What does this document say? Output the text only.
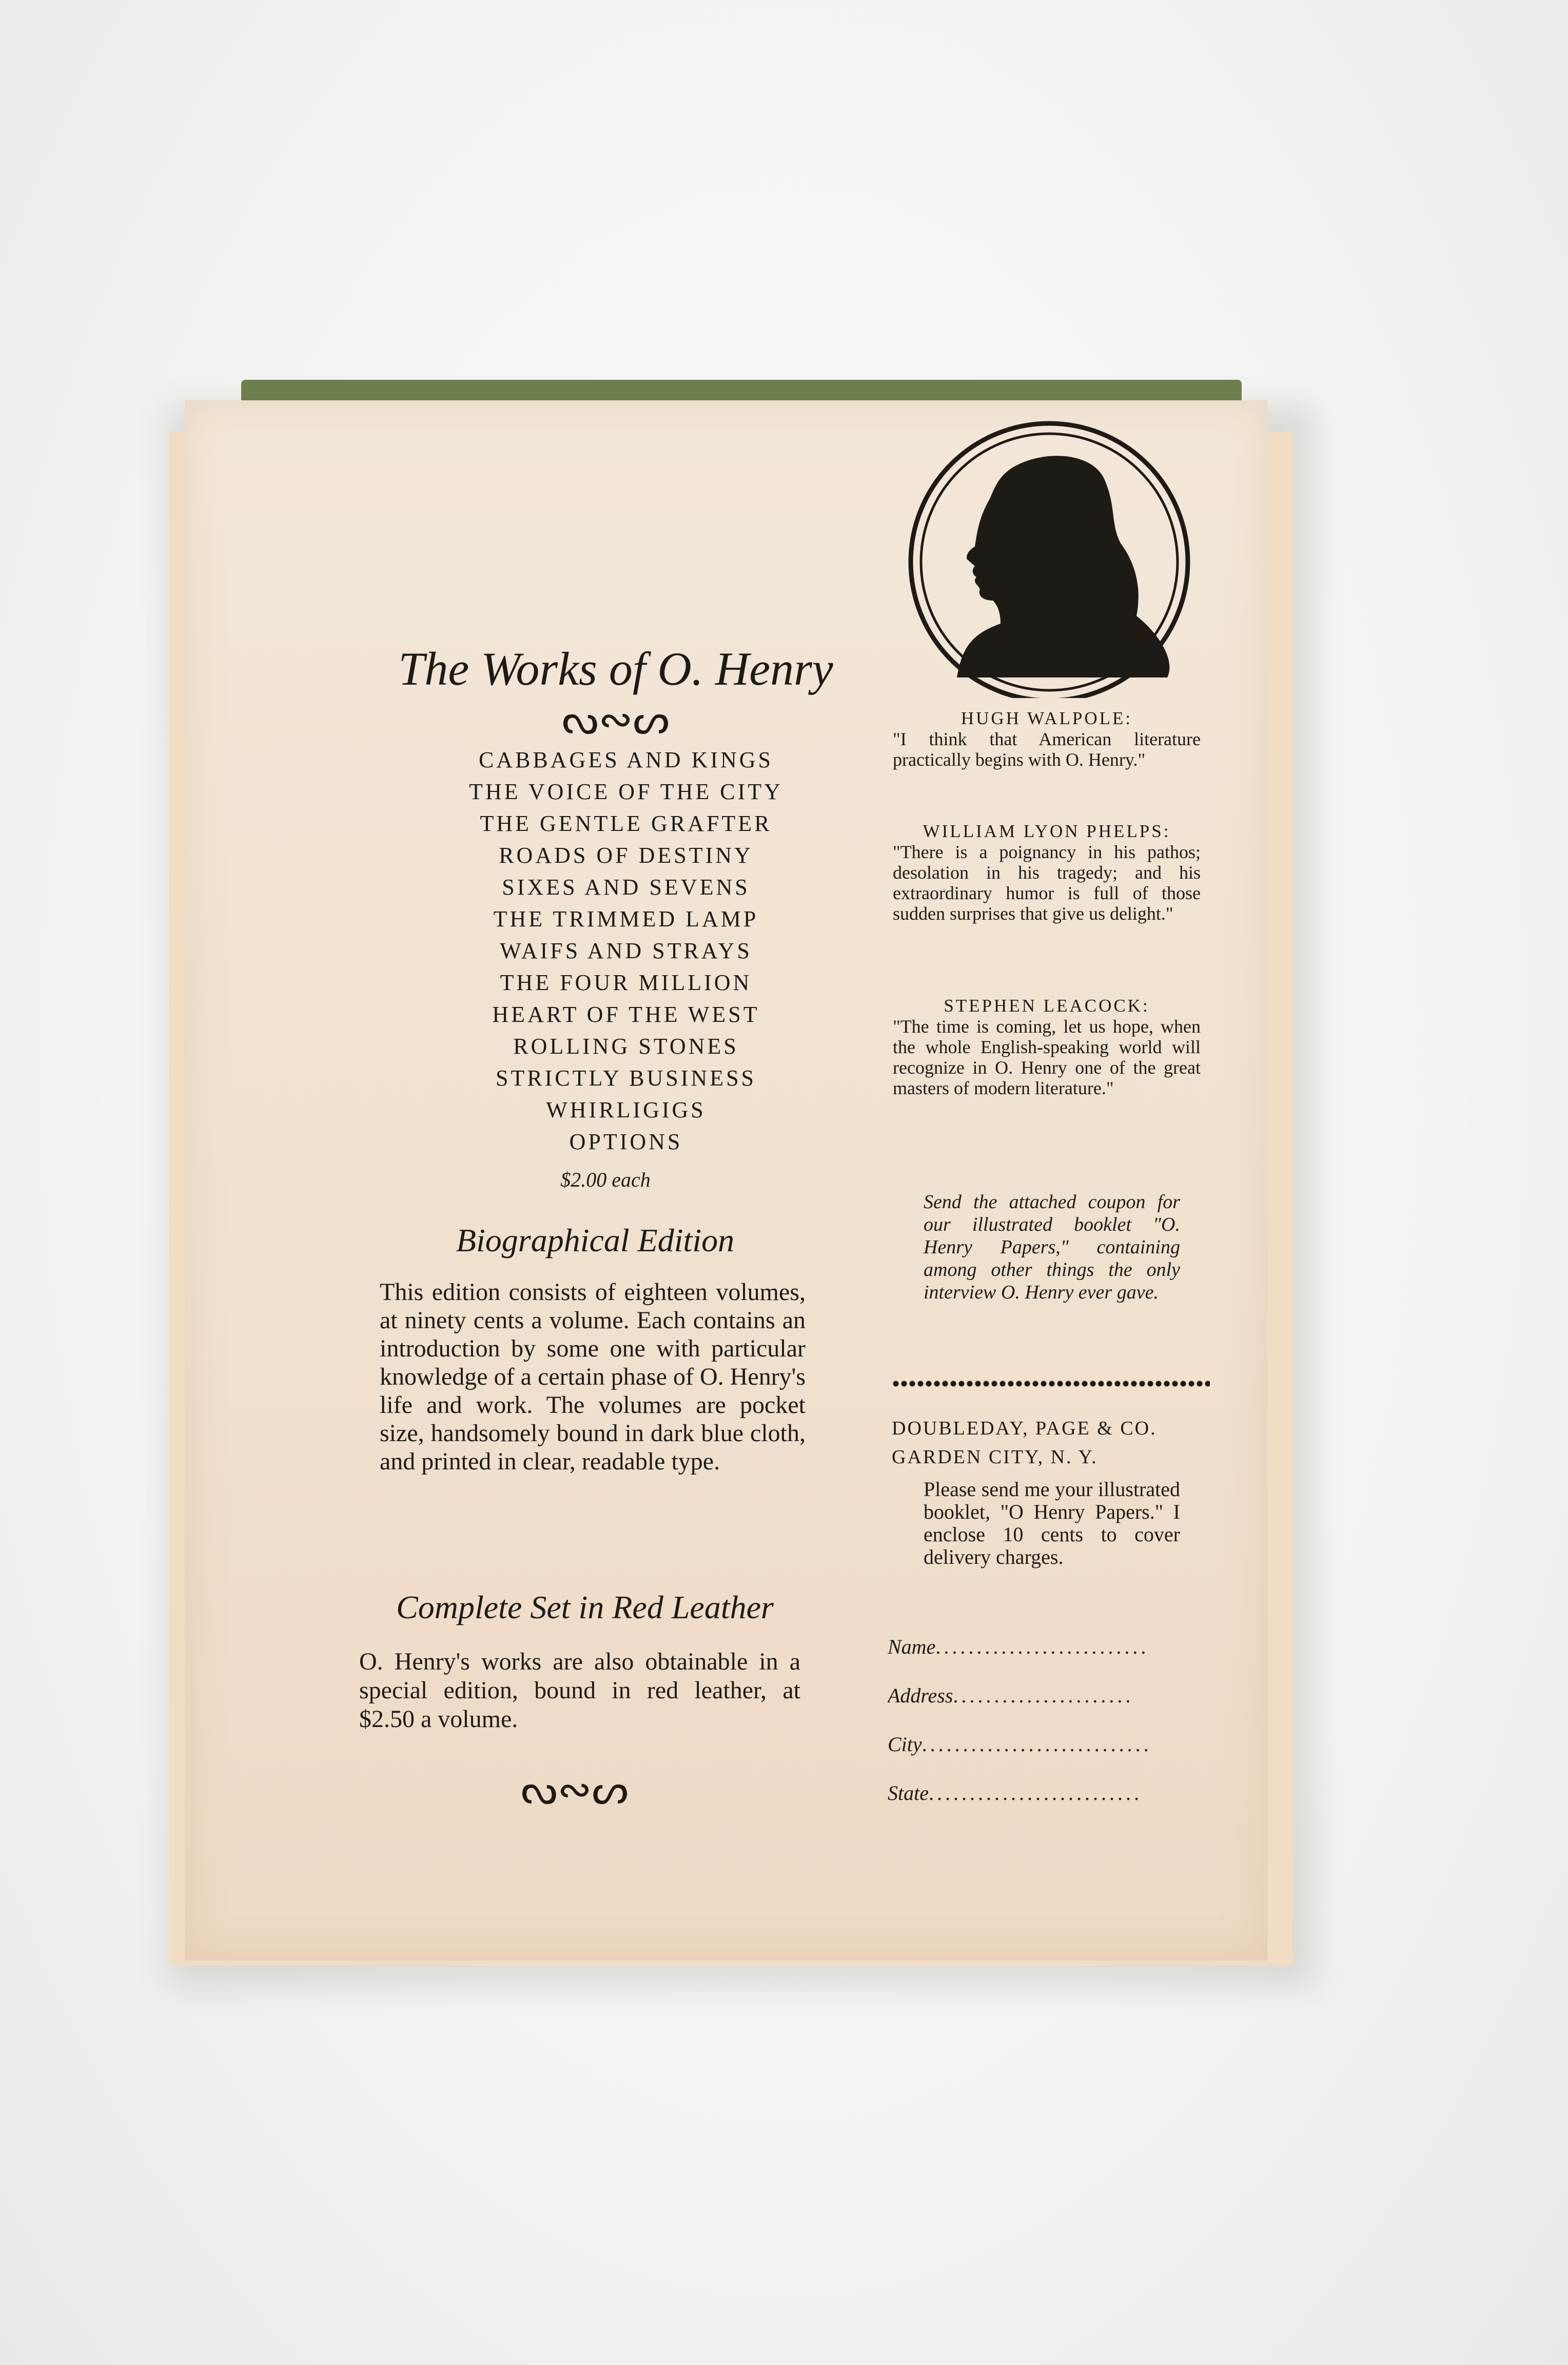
The Works of O. Henry
ᔓ∾ᔕ
CABBAGES AND KINGS
THE VOICE OF THE CITY
THE GENTLE GRAFTER
ROADS OF DESTINY
SIXES AND SEVENS
THE TRIMMED LAMP
WAIFS AND STRAYS
THE FOUR MILLION
HEART OF THE WEST
ROLLING STONES
STRICTLY BUSINESS
WHIRLIGIGS
OPTIONS
$2.00 each
Biographical Edition

This edition consists of eighteen volumes, at ninety cents a volume. Each contains an introduction by some one with particular knowledge of a certain phase of O. Henry's life and work. The volumes are pocket size, handsomely bound in dark blue cloth, and printed in clear, readable type.

Complete Set in Red Leather

O. Henry's works are also obtainable in a special edition, bound in red leather, at $2.50 a volume.

ᔓ∾ᔕ
HUGH WALPOLE:

"I think that American literature practically begins with O. Henry."

WILLIAM LYON PHELPS:

"There is a poignancy in his pathos; desolation in his tragedy; and his extraordinary humor is full of those sudden surprises that give us delight."

STEPHEN LEACOCK:

"The time is coming, let us hope, when the whole English-speaking world will recognize in O. Henry one of the great masters of modern literature."

Send the attached coupon for our illustrated booklet "O. Henry Papers," containing among other things the only interview O. Henry ever gave.

DOUBLEDAY, PAGE & CO.
GARDEN CITY, N. Y.

Please send me your illustrated booklet, "O Henry Papers." I enclose 10 cents to cover delivery charges.

Name..........................
Address......................
City............................
State..........................
